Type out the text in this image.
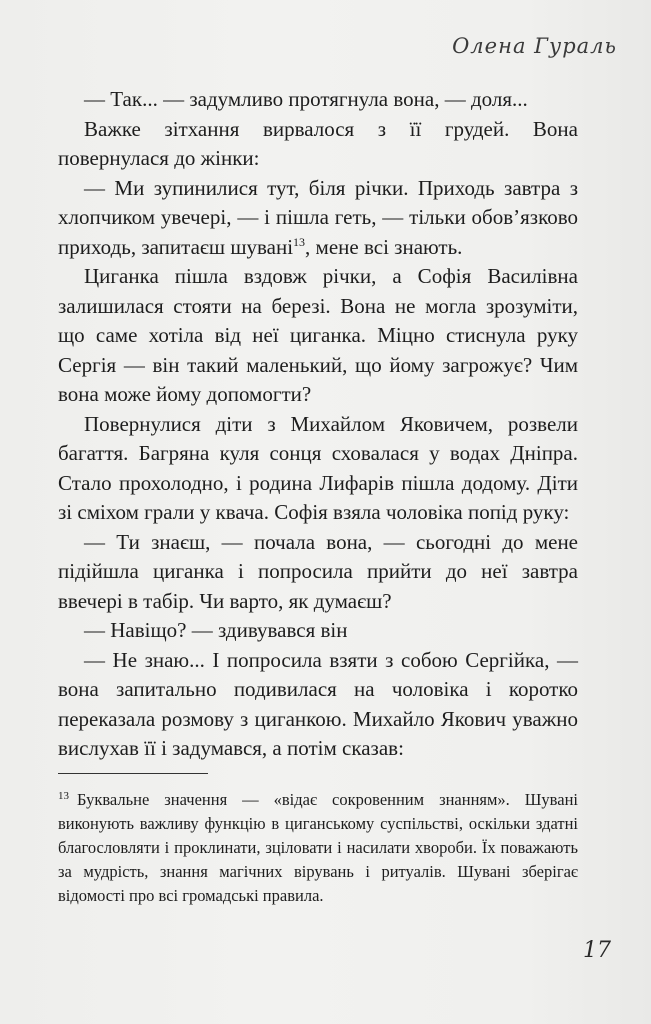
Олена Гураль

— Так... — задумливо протягнула вона, — доля...

Важке зітхання вирвалося з її грудей. Вона повернулася до жінки:

— Ми зупинилися тут, біля річки. Приходь завтра з хлопчиком увечері, — і пішла геть, — тільки обов’язково приходь, запитаєш шувані$^{13}$, мене всі знають.

Циганка пішла вздовж річки, а Софія Василівна залишилася стояти на березі. Вона не могла зрозуміти, що саме хотіла від неї циганка. Міцно стиснула руку Сергія — він такий маленький, що йому загрожує? Чим вона може йому допомогти?

Повернулися діти з Михайлом Яковичем, розвели багаття. Багряна куля сонця сховалася у водах Дніпра. Стало прохолодно, і родина Лифарів пішла додому. Діти зі сміхом грали у квача. Софія взяла чоловіка попід руку:

— Ти знаєш, — почала вона, — сьогодні до мене підійшла циганка і попросила прийти до неї завтра ввечері в табір. Чи варто, як думаєш?

— Навіщо? — здивувався він

— Не знаю... І попросила взяти з собою Сергійка, — вона запитально подивилася на чоловіка і коротко переказала розмову з циганкою. Михайло Якович уважно вислухав її і задумався, а потім сказав:

$^{13}$ Буквальне значення — «відає сокровенним знанням». Шувані виконують важливу функцію в циганському суспільстві, оскільки здатні благословляти і проклинати, зціловати і насилати хвороби. Їх поважають за мудрість, знання магічних вірувань і ритуалів. Шувані зберігає відомості про всі громадські правила.

17
